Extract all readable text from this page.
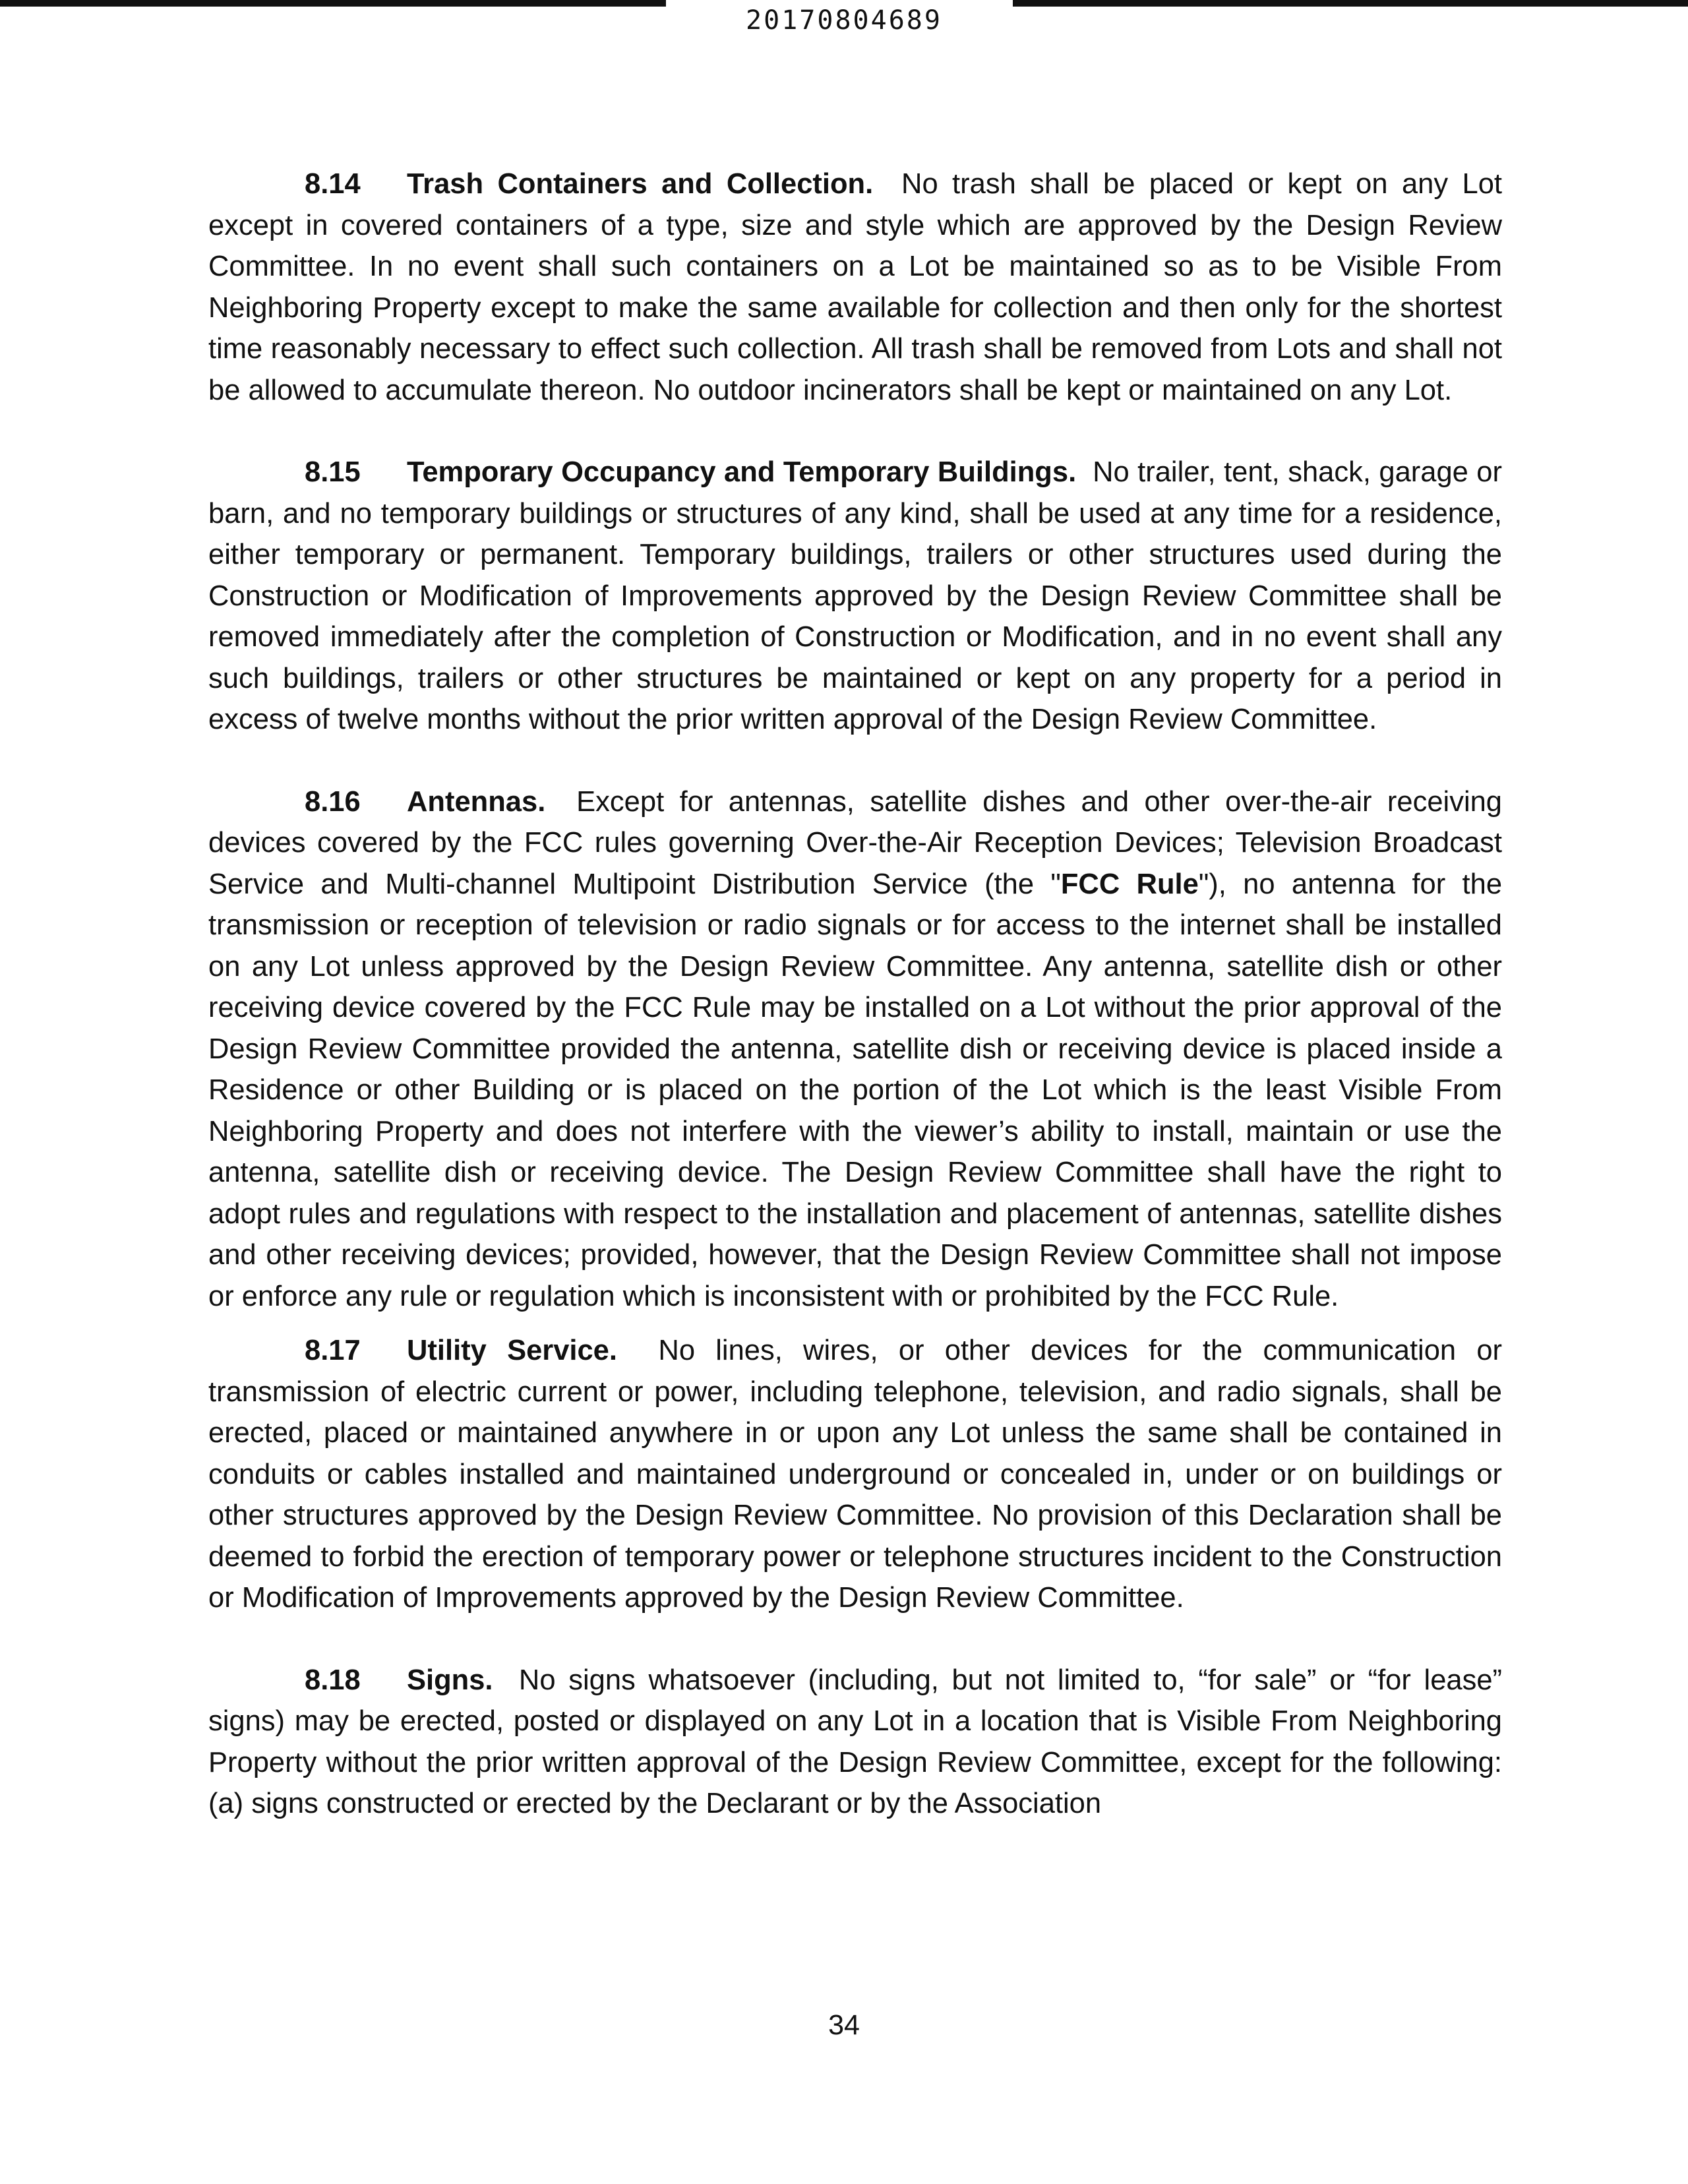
20170804689

8.14 Trash Containers and Collection. No trash shall be placed or kept on any Lot except in covered containers of a type, size and style which are approved by the Design Review Committee. In no event shall such containers on a Lot be maintained so as to be Visible From Neighboring Property except to make the same available for collection and then only for the shortest time reasonably necessary to effect such collection. All trash shall be removed from Lots and shall not be allowed to accumulate thereon. No outdoor incinerators shall be kept or maintained on any Lot.

8.15 Temporary Occupancy and Temporary Buildings. No trailer, tent, shack, garage or barn, and no temporary buildings or structures of any kind, shall be used at any time for a residence, either temporary or permanent. Temporary buildings, trailers or other structures used during the Construction or Modification of Improvements approved by the Design Review Committee shall be removed immediately after the completion of Construction or Modification, and in no event shall any such buildings, trailers or other structures be maintained or kept on any property for a period in excess of twelve months without the prior written approval of the Design Review Committee.

8.16 Antennas. Except for antennas, satellite dishes and other over-the-air receiving devices covered by the FCC rules governing Over-the-Air Reception Devices; Television Broadcast Service and Multi-channel Multipoint Distribution Service (the "FCC Rule"), no antenna for the transmission or reception of television or radio signals or for access to the internet shall be installed on any Lot unless approved by the Design Review Committee. Any antenna, satellite dish or other receiving device covered by the FCC Rule may be installed on a Lot without the prior approval of the Design Review Committee provided the antenna, satellite dish or receiving device is placed inside a Residence or other Building or is placed on the portion of the Lot which is the least Visible From Neighboring Property and does not interfere with the viewer’s ability to install, maintain or use the antenna, satellite dish or receiving device. The Design Review Committee shall have the right to adopt rules and regulations with respect to the installation and placement of antennas, satellite dishes and other receiving devices; provided, however, that the Design Review Committee shall not impose or enforce any rule or regulation which is inconsistent with or prohibited by the FCC Rule.

8.17 Utility Service. No lines, wires, or other devices for the communication or transmission of electric current or power, including telephone, television, and radio signals, shall be erected, placed or maintained anywhere in or upon any Lot unless the same shall be contained in conduits or cables installed and maintained underground or concealed in, under or on buildings or other structures approved by the Design Review Committee. No provision of this Declaration shall be deemed to forbid the erection of temporary power or telephone structures incident to the Construction or Modification of Improvements approved by the Design Review Committee.

8.18 Signs. No signs whatsoever (including, but not limited to, “for sale” or “for lease” signs) may be erected, posted or displayed on any Lot in a location that is Visible From Neighboring Property without the prior written approval of the Design Review Committee, except for the following: (a) signs constructed or erected by the Declarant or by the Association

34
